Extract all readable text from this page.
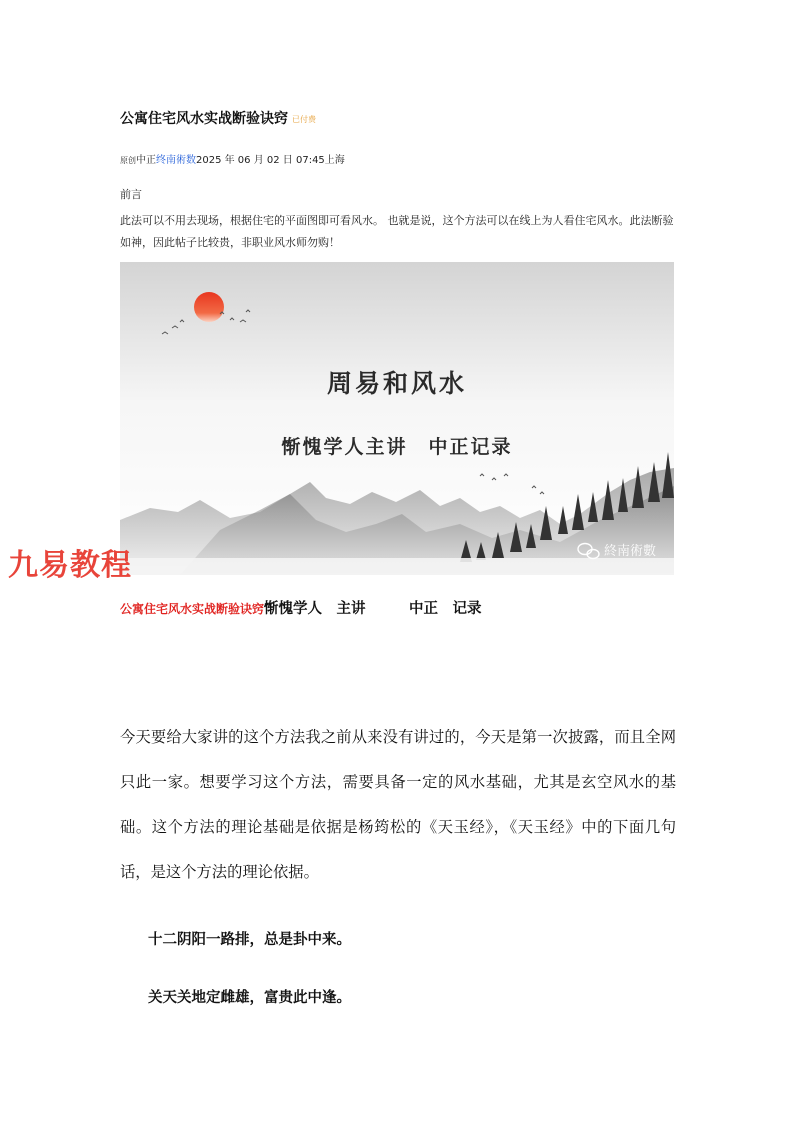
公寓住宅风水实战断验诀窍 已付费
原创中正终南術数2025 年 06 月 02 日 07:45上海
前言
此法可以不用去现场，根据住宅的平面图即可看风水。 也就是说，这个方法可以在线上为人看住宅风水。此法断验如神，因此帖子比较贵，非职业风水师勿购！
周易和风水
惭愧学人主讲　中正记录
終南術數
公寓住宅风水实战断验诀窍惭愧学人　主讲　　　中正　记录
今天要给大家讲的这个方法我之前从来没有讲过的，今天是第一次披露，而且全网只此一家。想要学习这个方法，需要具备一定的风水基础，尤其是玄空风水的基础。这个方法的理论基础是依据是杨筠松的《天玉经》，《天玉经》中的下面几句话，是这个方法的理论依据。
十二阴阳一路排，总是卦中来。
关天关地定雌雄，富贵此中逢。
九易教程
